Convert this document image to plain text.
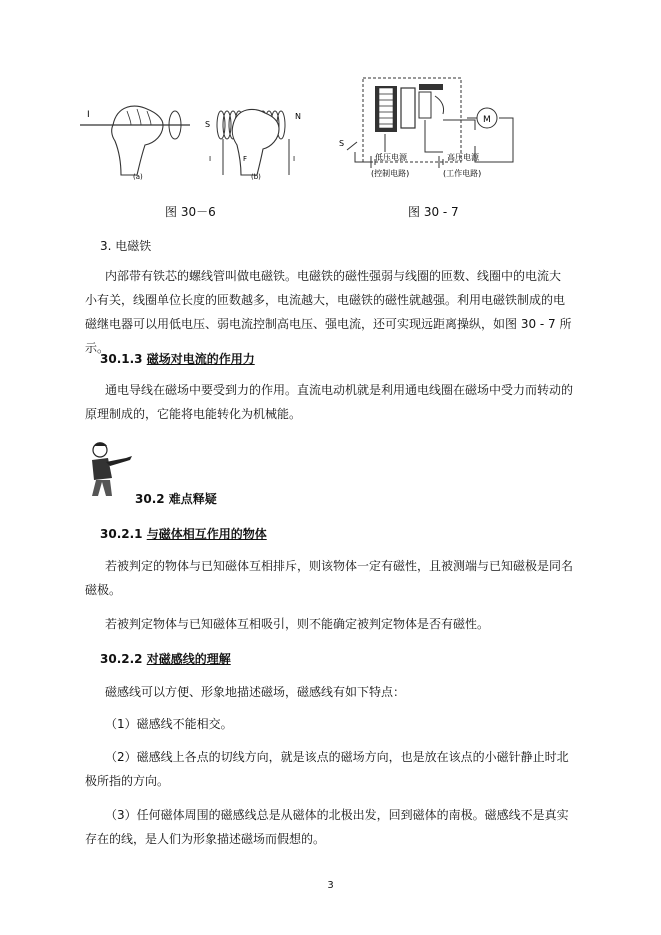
I
(a)
S
N
I	F	I
(b)
图 30－6
M
S
低压电源
(控制电路)
高压电源
(工作电路)
图 30 - 7
3. 电磁铁
内部带有铁芯的螺线管叫做电磁铁。电磁铁的磁性强弱与线圈的匝数、线圈中的电流大 小有关，线圈单位长度的匝数越多，电流越大，电磁铁的磁性就越强。利用电磁铁制成的电磁继电器可以用低电压、弱电流控制高电压、强电流，还可实现远距离操纵，如图 30 - 7 所示。
30.1.3 磁场对电流的作用力
通电导线在磁场中要受到力的作用。直流电动机就是利用通电线圈在磁场中受力而转动的原理制成的，它能将电能转化为机械能。
30.2 难点释疑
30.2.1 与磁体相互作用的物体
若被判定的物体与已知磁体互相排斥，则该物体一定有磁性，且被测端与已知磁极是同名磁极。
若被判定物体与已知磁体互相吸引，则不能确定被判定物体是否有磁性。
30.2.2 对磁感线的理解
磁感线可以方便、形象地描述磁场，磁感线有如下特点：
（1）磁感线不能相交。
（2）磁感线上各点的切线方向，就是该点的磁场方向，也是放在该点的小磁针静止时北极所指的方向。
（3）任何磁体周围的磁感线总是从磁体的北极出发，回到磁体的南极。磁感线不是真实存在的线，是人们为形象描述磁场而假想的。
3
